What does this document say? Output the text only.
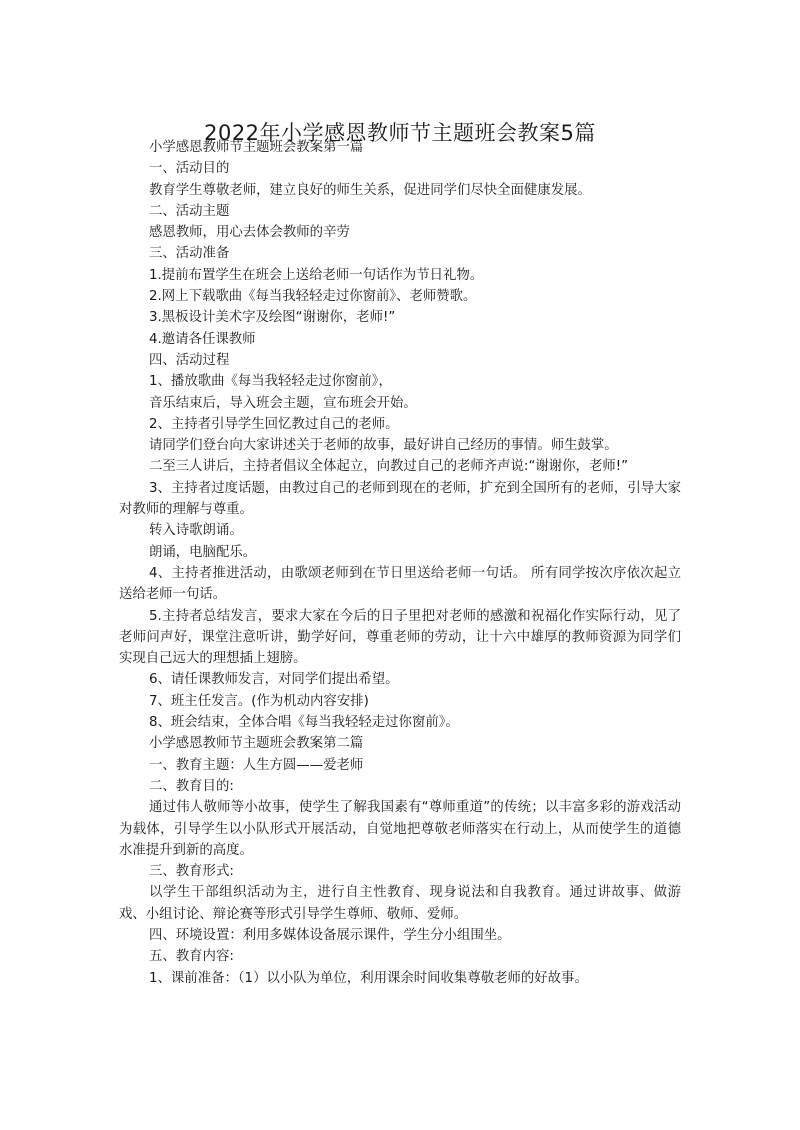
2022年小学感恩教师节主题班会教案5篇

小学感恩教师节主题班会教案第一篇

一、活动目的

教育学生尊敬老师，建立良好的师生关系，促进同学们尽快全面健康发展。

二、活动主题

感恩教师，用心去体会教师的辛劳

三、活动准备

1.提前布置学生在班会上送给老师一句话作为节日礼物。

2.网上下载歌曲《每当我轻轻走过你窗前》、老师赞歌。

3.黑板设计美术字及绘图“谢谢你，老师!”

4.邀请各任课教师

四、活动过程

1、播放歌曲《每当我轻轻走过你窗前》，

音乐结束后，导入班会主题，宣布班会开始。

2、主持者引导学生回忆教过自己的老师。

请同学们登台向大家讲述关于老师的故事，最好讲自己经历的事情。师生鼓掌。

二至三人讲后，主持者倡议全体起立，向教过自己的老师齐声说:“谢谢你，老师!”

3、主持者过度话题，由教过自己的老师到现在的老师，扩充到全国所有的老师，引导大家对教师的理解与尊重。

转入诗歌朗诵。

朗诵，电脑配乐。

4、主持者推进活动，由歌颂老师到在节日里送给老师一句话。 所有同学按次序依次起立送给老师一句话。

5.主持者总结发言，要求大家在今后的日子里把对老师的感激和祝福化作实际行动，见了老师问声好，课堂注意听讲，勤学好问，尊重老师的劳动，让十六中雄厚的教师资源为同学们实现自己远大的理想插上翅膀。

6、请任课教师发言，对同学们提出希望。

7、班主任发言。(作为机动内容安排)

8、班会结束，全体合唱《每当我轻轻走过你窗前》。

小学感恩教师节主题班会教案第二篇

一、教育主题：人生方圆——爱老师

二、教育目的:

通过伟人敬师等小故事，使学生了解我国素有“尊师重道”的传统；以丰富多彩的游戏活动为载体，引导学生以小队形式开展活动，自觉地把尊敬老师落实在行动上，从而使学生的道德水准提升到新的高度。

三、教育形式:

以学生干部组织活动为主，进行自主性教育、现身说法和自我教育。通过讲故事、做游戏、小组讨论、辩论赛等形式引导学生尊师、敬师、爱师。

四、环境设置：利用多媒体设备展示课件，学生分小组围坐。

五、教育内容:

1、课前准备：（1）以小队为单位，利用课余时间收集尊敬老师的好故事。
